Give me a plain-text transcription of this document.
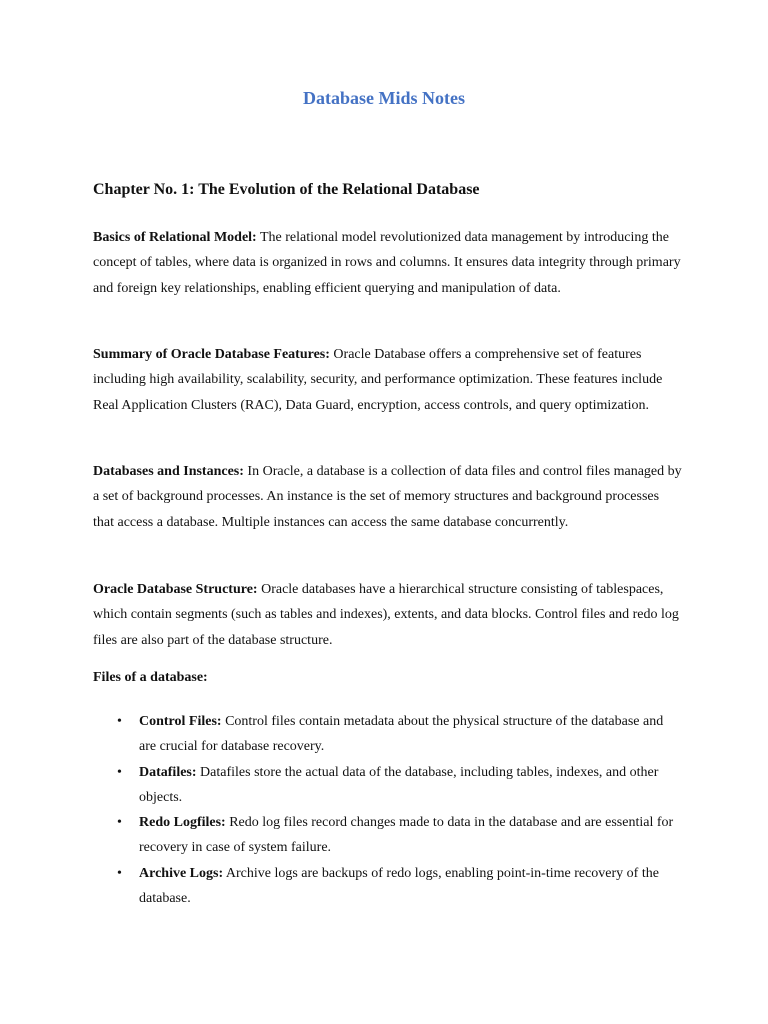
Database Mids Notes
Chapter No. 1: The Evolution of the Relational Database

Basics of Relational Model: The relational model revolutionized data management by introducing the concept of tables, where data is organized in rows and columns. It ensures data integrity through primary and foreign key relationships, enabling efficient querying and manipulation of data.

Summary of Oracle Database Features: Oracle Database offers a comprehensive set of features including high availability, scalability, security, and performance optimization. These features include Real Application Clusters (RAC), Data Guard, encryption, access controls, and query optimization.

Databases and Instances: In Oracle, a database is a collection of data files and control files managed by a set of background processes. An instance is the set of memory structures and background processes that access a database. Multiple instances can access the same database concurrently.

Oracle Database Structure: Oracle databases have a hierarchical structure consisting of tablespaces, which contain segments (such as tables and indexes), extents, and data blocks. Control files and redo log files are also part of the database structure.

Files of a database:
• Control Files: Control files contain metadata about the physical structure of the database and are crucial for database recovery.
• Datafiles: Datafiles store the actual data of the database, including tables, indexes, and other objects.
• Redo Logfiles: Redo log files record changes made to data in the database and are essential for recovery in case of system failure.
• Archive Logs: Archive logs are backups of redo logs, enabling point-in-time recovery of the database.
